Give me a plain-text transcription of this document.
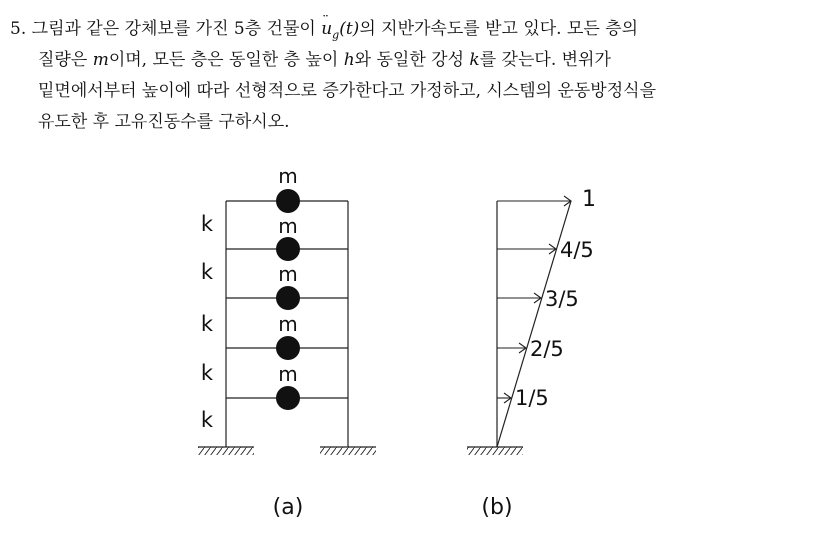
5. 그림과 같은 강체보를 가진 5층 건물이
··
$u_g(t)$의 지반가속도를 받고 있다. 모든 층의
질량은 m이며, 모든 층은 동일한 층 높이 h와 동일한 강성 k를 갖는다. 변위가
밑면에서부터 높이에 따라 선형적으로 증가한다고 가정하고, 시스템의 운동방정식을
유도한 후 고유진동수를 구하시오.
m
m
m
m
m
k
k
k
k
k
(a)
1
4/5
3/5
2/5
1/5
(b)
